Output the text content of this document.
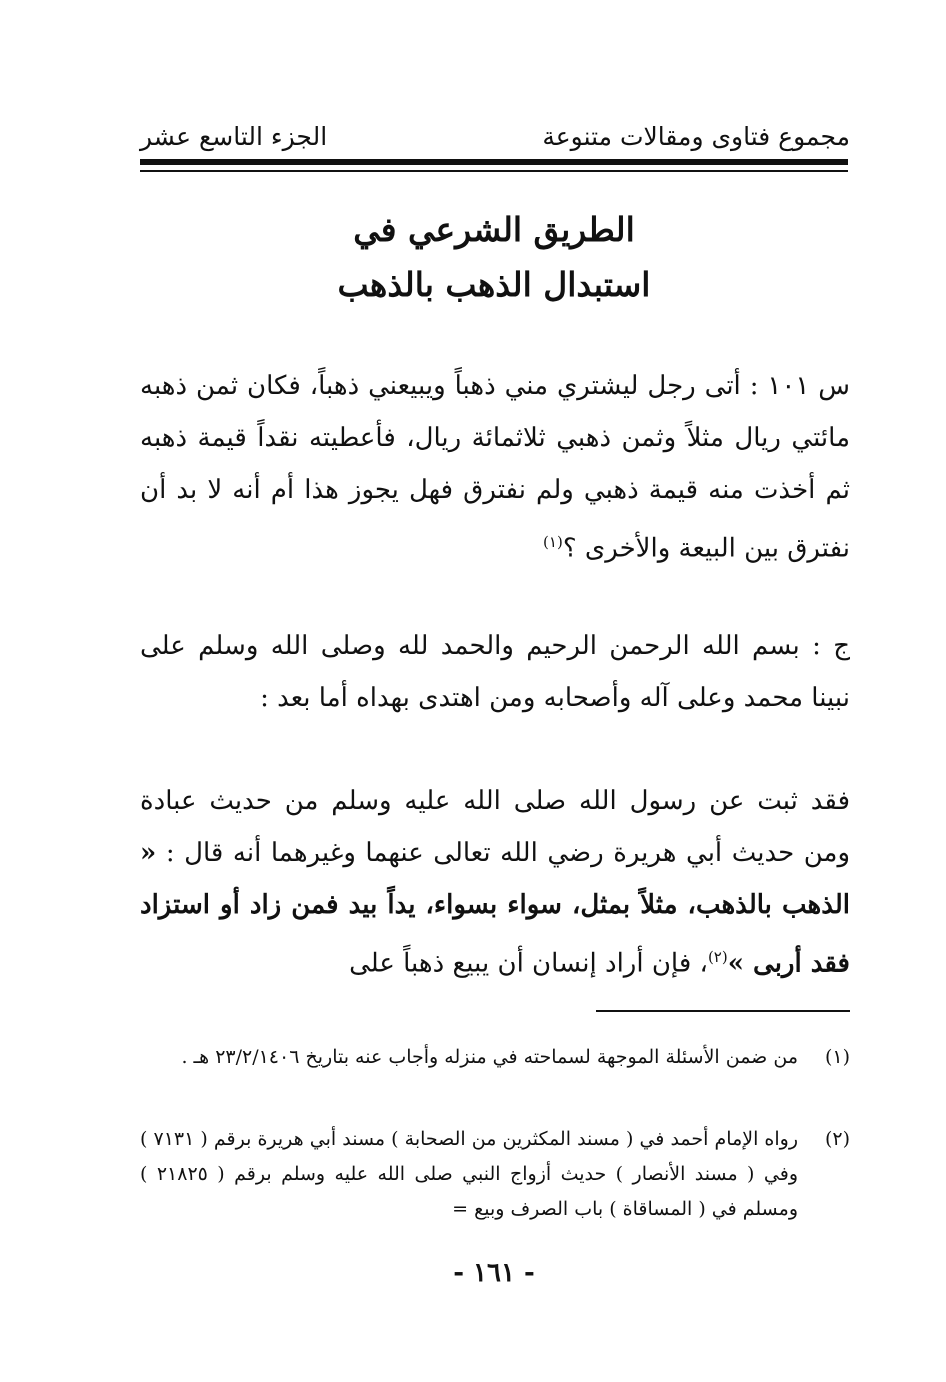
مجموع فتاوى ومقالات متنوعة
الجزء التاسع عشر
الطريق الشرعي في
استبدال الذهب بالذهب
س ١٠١ : أتى رجل ليشتري مني ذهباً ويبيعني ذهباً، فكان ثمن ذهبه مائتي ريال مثلاً وثمن ذهبي ثلاثمائة ريال، فأعطيته نقداً قيمة ذهبه ثم أخذت منه قيمة ذهبي ولم نفترق فهل يجوز هذا أم أنه لا بد أن نفترق بين البيعة والأخرى ؟$^{(١)}$
ج : بسم الله الرحمن الرحيم والحمد لله وصلى الله وسلم على نبينا محمد وعلى آله وأصحابه ومن اهتدى بهداه أما بعد :
فقد ثبت عن رسول الله صلى الله عليه وسلم من حديث عبادة ومن حديث أبي هريرة رضي الله تعالى عنهما وغيرهما أنه قال : « الذهب بالذهب، مثلاً بمثل، سواء بسواء، يداً بيد فمن زاد أو استزاد فقد أربى »$^{(٢)}$، فإن أراد إنسان أن يبيع ذهباً على
(١)
من ضمن الأسئلة الموجهة لسماحته في منزله وأجاب عنه بتاريخ ٢٣/٢/١٤٠٦ هـ .
(٢)
رواه الإمام أحمد في ( مسند المكثرين من الصحابة ) مسند أبي هريرة برقم ( ٧١٣١ ) وفي ( مسند الأنصار ) حديث أزواج النبي صلى الله عليه وسلم برقم ( ٢١٨٢٥ ) ومسلم في ( المساقاة ) باب الصرف وبيع =
- ١٦١ -
